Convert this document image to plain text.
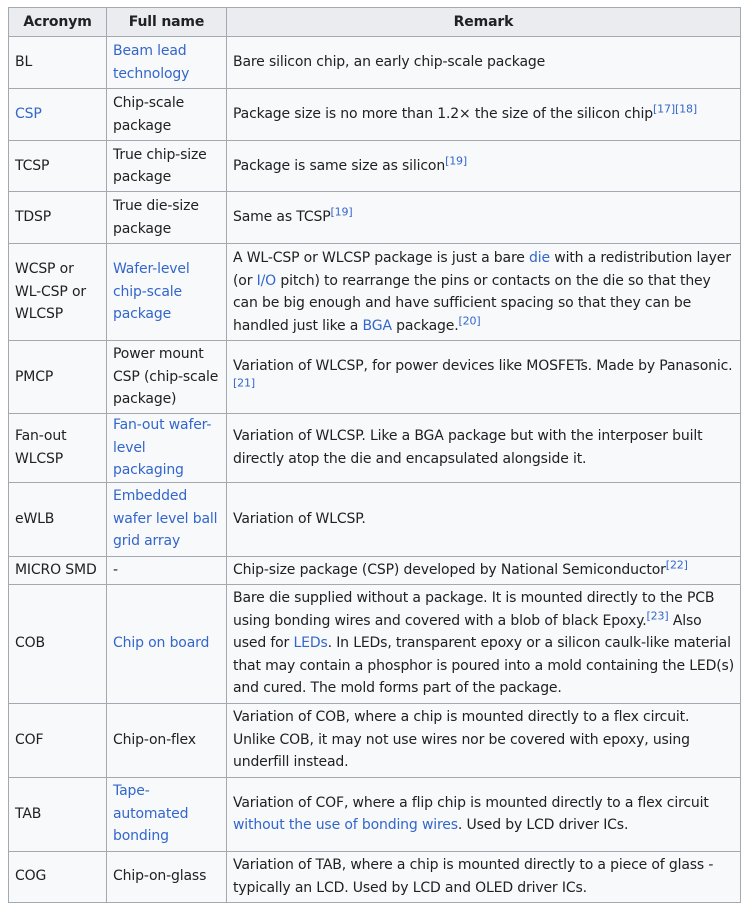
Acronym	Full name	Remark
BL	Beam lead technology	Bare silicon chip, an early chip-scale package
CSP	Chip-scale package	Package size is no more than 1.2× the size of the silicon chip[17][18]
TCSP	True chip-size package	Package is same size as silicon[19]
TDSP	True die-size package	Same as TCSP[19]
WCSP or WL-CSP or WLCSP	Wafer-level chip-scale package	A WL-CSP or WLCSP package is just a bare die with a redistribution layer (or I/O pitch) to rearrange the pins or contacts on the die so that they can be big enough and have sufficient spacing so that they can be handled just like a BGA package.[20]
PMCP	Power mount CSP (chip-scale package)	Variation of WLCSP, for power devices like MOSFETs. Made by Panasonic.[21]
Fan-out WLCSP	Fan-out wafer-level packaging	Variation of WLCSP. Like a BGA package but with the interposer built directly atop the die and encapsulated alongside it.
eWLB	Embedded wafer level ball grid array	Variation of WLCSP.
MICRO SMD	-	Chip-size package (CSP) developed by National Semiconductor[22]
COB	Chip on board	Bare die supplied without a package. It is mounted directly to the PCB using bonding wires and covered with a blob of black Epoxy.[23] Also used for LEDs. In LEDs, transparent epoxy or a silicon caulk-like material that may contain a phosphor is poured into a mold containing the LED(s) and cured. The mold forms part of the package.
COF	Chip-on-flex	Variation of COB, where a chip is mounted directly to a flex circuit. Unlike COB, it may not use wires nor be covered with epoxy, using underfill instead.
TAB	Tape-automated bonding	Variation of COF, where a flip chip is mounted directly to a flex circuit without the use of bonding wires. Used by LCD driver ICs.
COG	Chip-on-glass	Variation of TAB, where a chip is mounted directly to a piece of glass - typically an LCD. Used by LCD and OLED driver ICs.
